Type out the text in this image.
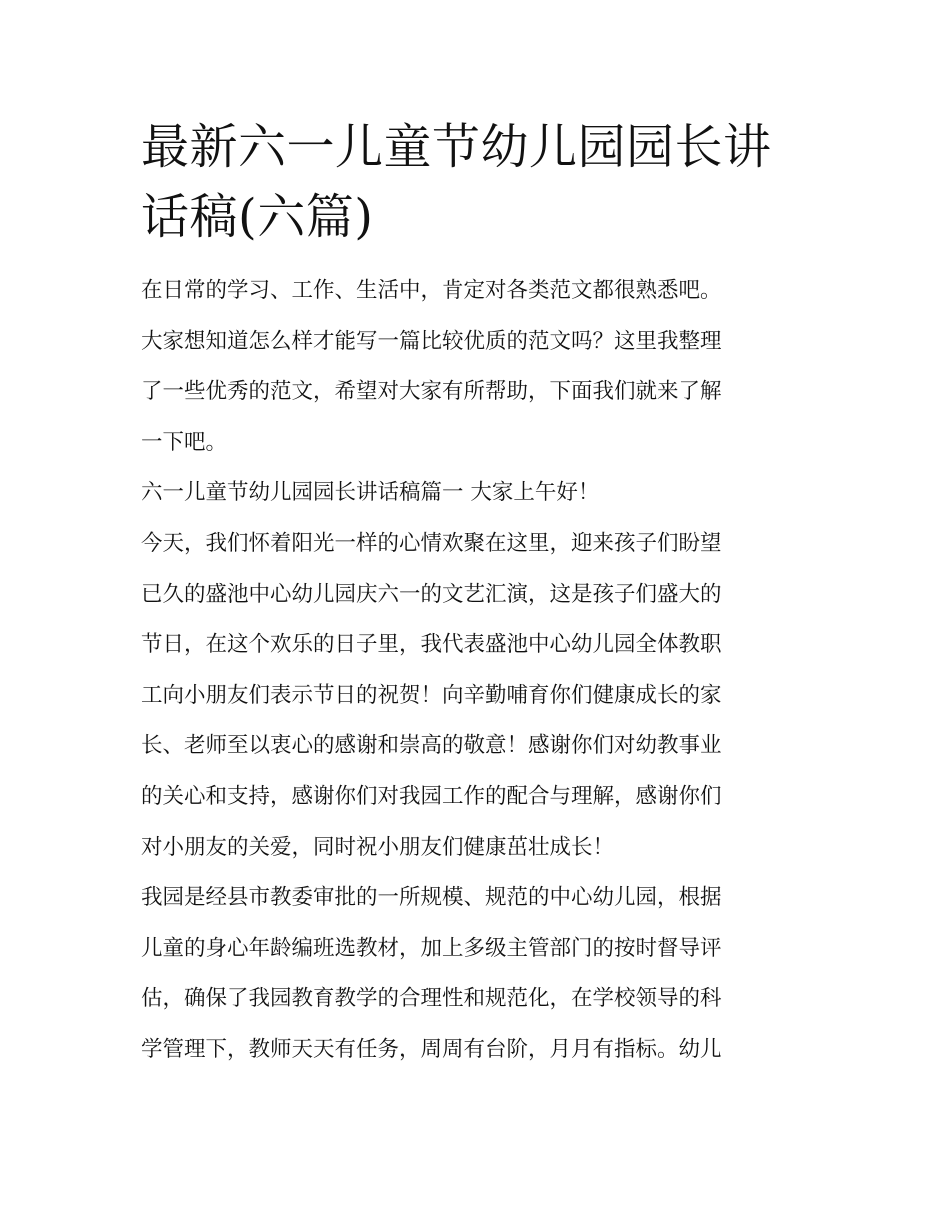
最新六一儿童节幼儿园园长讲
话稿(六篇)
在日常的学习、工作、生活中，肯定对各类范文都很熟悉吧。
大家想知道怎么样才能写一篇比较优质的范文吗？这里我整理
了一些优秀的范文，希望对大家有所帮助，下面我们就来了解
一下吧。
六一儿童节幼儿园园长讲话稿篇一 大家上午好！
今天，我们怀着阳光一样的心情欢聚在这里，迎来孩子们盼望
已久的盛池中心幼儿园庆六一的文艺汇演，这是孩子们盛大的
节日，在这个欢乐的日子里，我代表盛池中心幼儿园全体教职
工向小朋友们表示节日的祝贺！向辛勤哺育你们健康成长的家
长、老师至以衷心的感谢和崇高的敬意！感谢你们对幼教事业
的关心和支持，感谢你们对我园工作的配合与理解，感谢你们
对小朋友的关爱，同时祝小朋友们健康茁壮成长！
我园是经县市教委审批的一所规模、规范的中心幼儿园，根据
儿童的身心年龄编班选教材，加上多级主管部门的按时督导评
估，确保了我园教育教学的合理性和规范化，在学校领导的科
学管理下，教师天天有任务，周周有台阶，月月有指标。幼儿
